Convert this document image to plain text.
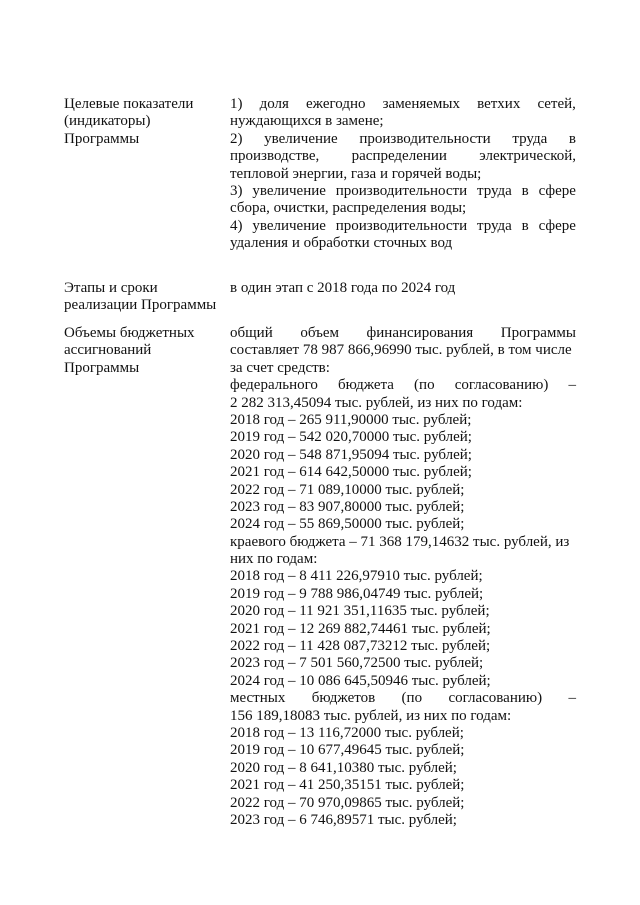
Целевые показатели
(индикаторы)
Программы
1) доля ежегодно заменяемых ветхих сетей,
нуждающихся в замене;
2) увеличение производительности труда в
производстве, распределении электрической,
тепловой энергии, газа и горячей воды;
3) увеличение производительности труда в сфере
сбора, очистки, распределения воды;
4) увеличение производительности труда в сфере
удаления и обработки сточных вод
Этапы и сроки
реализации Программы
в один этап с 2018 года по 2024 год
Объемы бюджетных
ассигнований
Программы
общий объем финансирования Программы
составляет 78 987 866,96990 тыс. рублей, в том числе
за счет средств:
федерального бюджета (по согласованию) –
2 282 313,45094 тыс. рублей, из них по годам:
2018 год – 265 911,90000 тыс. рублей;
2019 год – 542 020,70000 тыс. рублей;
2020 год – 548 871,95094 тыс. рублей;
2021 год – 614 642,50000 тыс. рублей;
2022 год – 71 089,10000 тыс. рублей;
2023 год – 83 907,80000 тыс. рублей;
2024 год – 55 869,50000 тыс. рублей;
краевого бюджета – 71 368 179,14632 тыс. рублей, из
них по годам:
2018 год – 8 411 226,97910 тыс. рублей;
2019 год – 9 788 986,04749 тыс. рублей;
2020 год – 11 921 351,11635 тыс. рублей;
2021 год – 12 269 882,74461 тыс. рублей;
2022 год – 11 428 087,73212 тыс. рублей;
2023 год – 7 501 560,72500 тыс. рублей;
2024 год – 10 086 645,50946 тыс. рублей;
местных бюджетов (по согласованию) –
156 189,18083 тыс. рублей, из них по годам:
2018 год – 13 116,72000 тыс. рублей;
2019 год – 10 677,49645 тыс. рублей;
2020 год – 8 641,10380 тыс. рублей;
2021 год – 41 250,35151 тыс. рублей;
2022 год – 70 970,09865 тыс. рублей;
2023 год – 6 746,89571 тыс. рублей;
